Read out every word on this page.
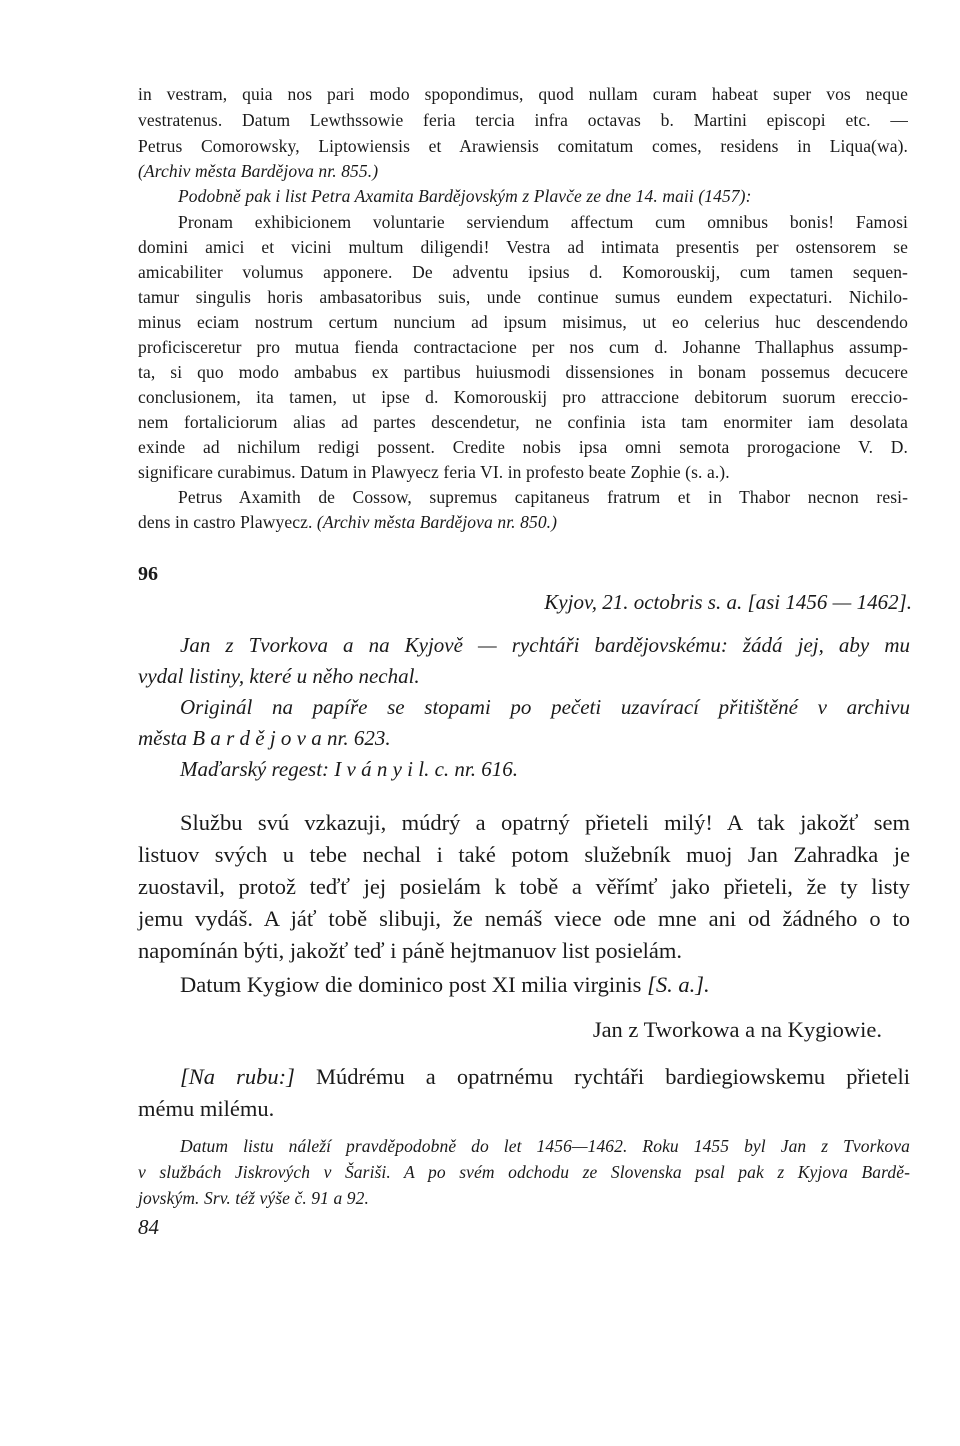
in vestram, quia nos pari modo spopondimus, quod nullam curam habeat super vos neque
vestratenus. Datum Lewthssowie feria tercia infra octavas b. Martini episcopi etc. —
Petrus Comorowsky, Liptowiensis et Arawiensis comitatum comes, residens in Liqua(wa).
(Archiv města Bardějova nr. 855.)
Podobně pak i list Petra Axamita Bardějovským z Plavče ze dne 14. maii (1457):
Pronam exhibicionem voluntarie serviendum affectum cum omnibus bonis! Famosi
domini amici et vicini multum diligendi! Vestra ad intimata presentis per ostensorem se
amicabiliter volumus apponere. De adventu ipsius d. Komorouskij, cum tamen sequen-
tamur singulis horis ambasatoribus suis, unde continue sumus eundem expectaturi. Nichilo-
minus eciam nostrum certum nuncium ad ipsum misimus, ut eo celerius huc descendendo
proficisceretur pro mutua fienda contractacione per nos cum d. Johanne Thallaphus assump-
ta, si quo modo ambabus ex partibus huiusmodi dissensiones in bonam possemus decucere
conclusionem, ita tamen, ut ipse d. Komorouskij pro attraccione debitorum suorum ereccio-
nem fortaliciorum alias ad partes descendetur, ne confinia ista tam enormiter iam desolata
exinde ad nichilum redigi possent. Credite nobis ipsa omni semota prorogacione V. D.
significare curabimus. Datum in Plawyecz feria VI. in profesto beate Zophie (s. a.).
Petrus Axamith de Cossow, supremus capitaneus fratrum et in Thabor necnon resi-
dens in castro Plawyecz. (Archiv města Bardějova nr. 850.)
96
Kyjov, 21. octobris s. a. [asi 1456 — 1462].
Jan z Tvorkova a na Kyjově — rychtáři bardějovskému: žádá jej, aby mu
vydal listiny, které u něho nechal.
Originál na papíře se stopami po pečeti uzavírací přitištěné v archivu
města B a r d ě j o v a nr. 623.
Maďarský regest: I v á n y i l. c. nr. 616.
Službu svú vzkazuji, múdrý a opatrný přieteli milý! A tak jakožť sem
listuov svých u tebe nechal i také potom služebník muoj Jan Zahradka je
zuostavil, protož teďť jej posielám k tobě a věřímť jako přieteli, že ty listy
jemu vydáš. A jáť tobě slibuji, že nemáš viece ode mne ani od žádného o to
napomínán býti, jakožť teď i páně hejtmanuov list posielám.
Datum Kygiow die dominico post XI milia virginis [S. a.].
Jan z Tworkowa a na Kygiowie.
[Na rubu:] Múdrému a opatrnému rychtáři bardiegiowskemu přieteli
mému milému.
Datum listu náleží pravděpodobně do let 1456—1462. Roku 1455 byl Jan z Tvorkova
v službách Jiskrových v Šariši. A po svém odchodu ze Slovenska psal pak z Kyjova Bardě-
jovským. Srv. též výše č. 91 a 92.
84
